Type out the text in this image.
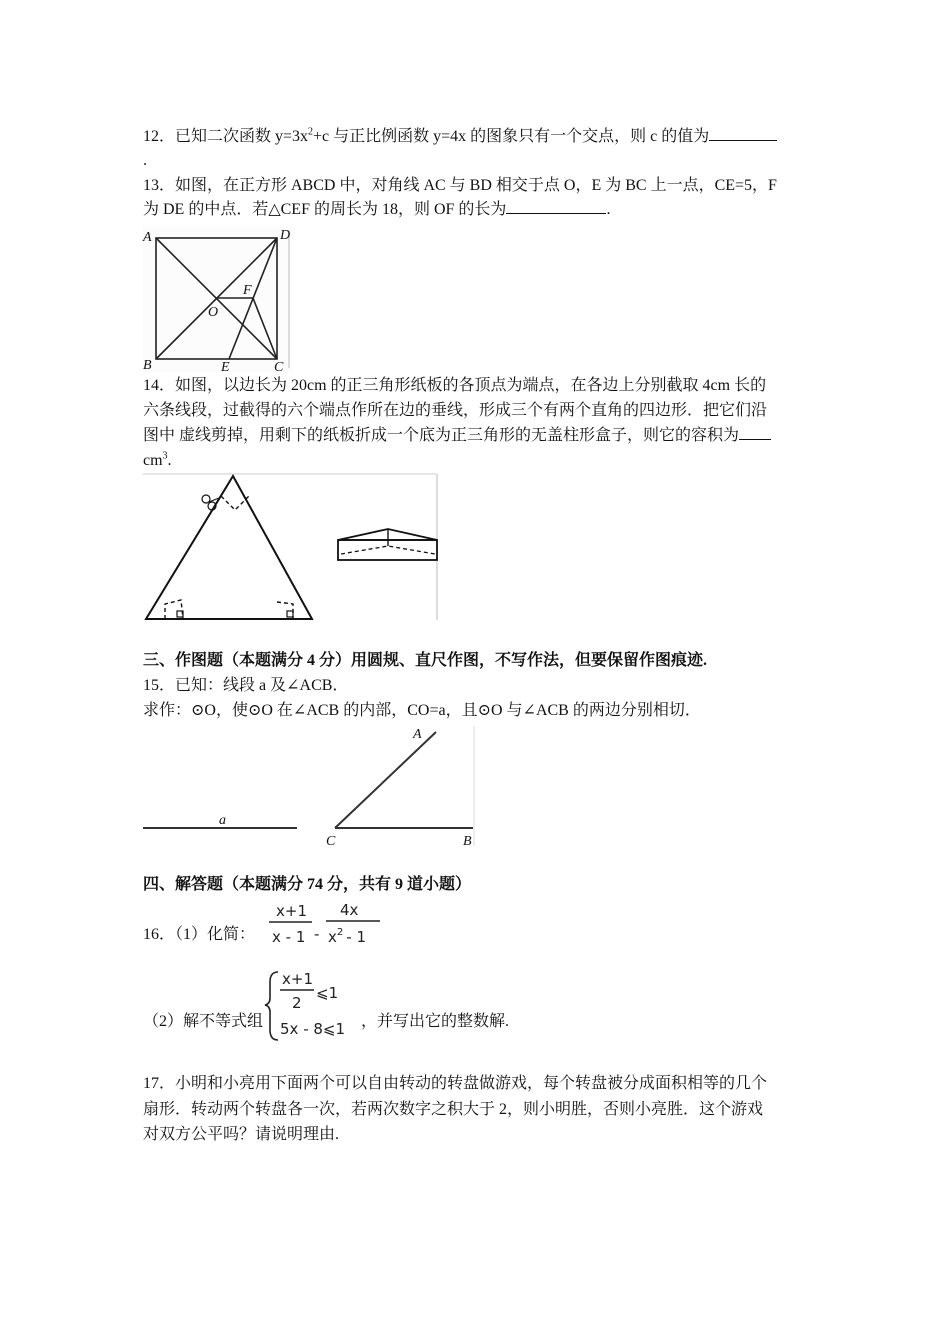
12．已知二次函数 $y=3x^2+c$ 与正比例函数 y=4x 的图象只有一个交点，则 c 的值为
.
13．如图，在正方形 ABCD 中，对角线 AC 与 BD 相交于点 O，E 为 BC 上一点，CE=5，F
为 DE 的中点．若△CEF 的周长为 18，则 OF 的长为	.
A	D
B	C
E
F
O
14．如图，以边长为 20cm 的正三角形纸板的各顶点为端点，在各边上分别截取 4cm 长的
六条线段，过截得的六个端点作所在边的垂线，形成三个有两个直角的四边形．把它们沿
图中 虚线剪掉，用剩下的纸板折成一个底为正三角形的无盖柱形盒子，则它的容积为
$cm^3$.
三、作图题（本题满分 4 分）用圆规、直尺作图，不写作法，但要保留作图痕迹.
15．已知：线段 a 及∠ACB．
求作：⊙O，使⊙O 在∠ACB 的内部，CO=a，且⊙O 与∠ACB 的两边分别相切．
a
A
B
C
四、解答题（本题满分 74 分，共有 9 道小题）
16．（1）化简：
x+1
x - 1 -
4x
$x^2 - 1$
（2）解不等式组	，并写出它的整数解.
x+1
2
⩽1
5x - 8⩽1
17．小明和小亮用下面两个可以自由转动的转盘做游戏，每个转盘被分成面积相等的几个
扇形．转动两个转盘各一次，若两次数字之积大于 2，则小明胜，否则小亮胜．这个游戏
对双方公平吗？请说明理由.
